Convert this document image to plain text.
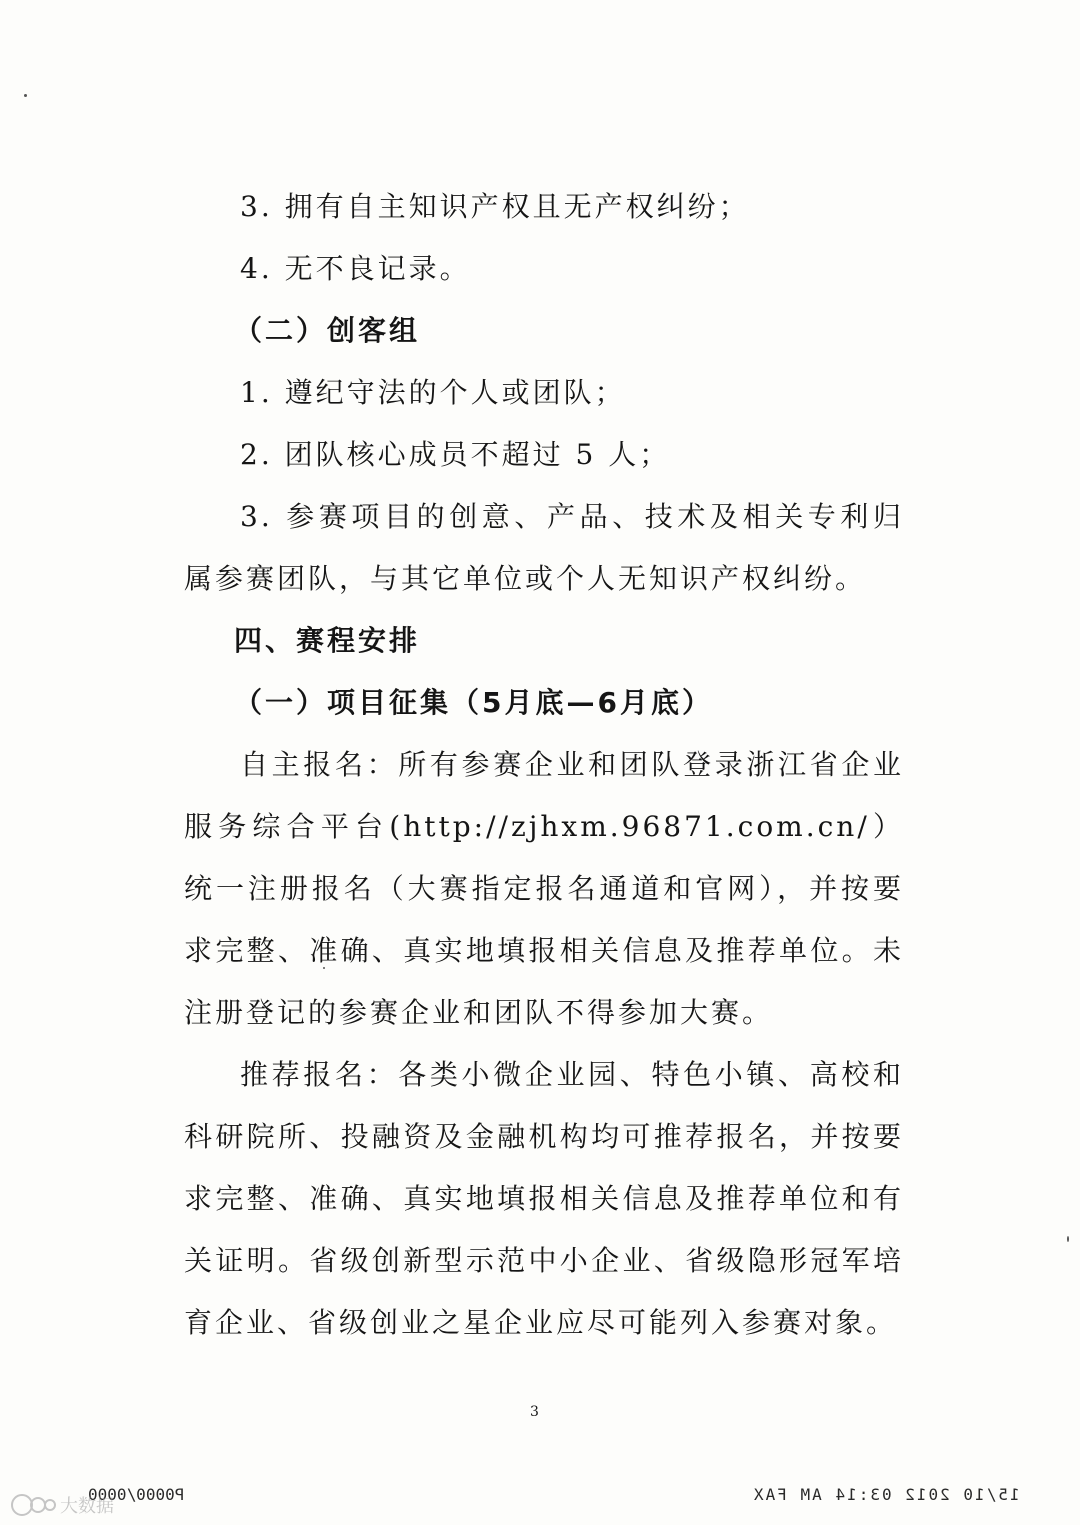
3. 拥有自主知识产权且无产权纠纷；

4. 无不良记录。

（二）创客组

1. 遵纪守法的个人或团队；

2. 团队核心成员不超过 5 人；

3. 参赛项目的创意、产品、技术及相关专利归属参赛团队，与其它单位或个人无知识产权纠纷。

四、赛程安排

（一）项目征集（5月底—6月底）

自主报名：所有参赛企业和团队登录浙江省企业服务综合平台(http://zjhxm.96871.com.cn/）统一注册报名（大赛指定报名通道和官网），并按要求完整、准确、真实地填报相关信息及推荐单位。未注册登记的参赛企业和团队不得参加大赛。

推荐报名：各类小微企业园、特色小镇、高校和科研院所、投融资及金融机构均可推荐报名，并按要求完整、准确、真实地填报相关信息及推荐单位和有关证明。省级创新型示范中小企业、省级隐形冠军培育企业、省级创业之星企业应尽可能列入参赛对象。

3
P0000/0000	15/10 2012 03:14 AM FAX
大数据
